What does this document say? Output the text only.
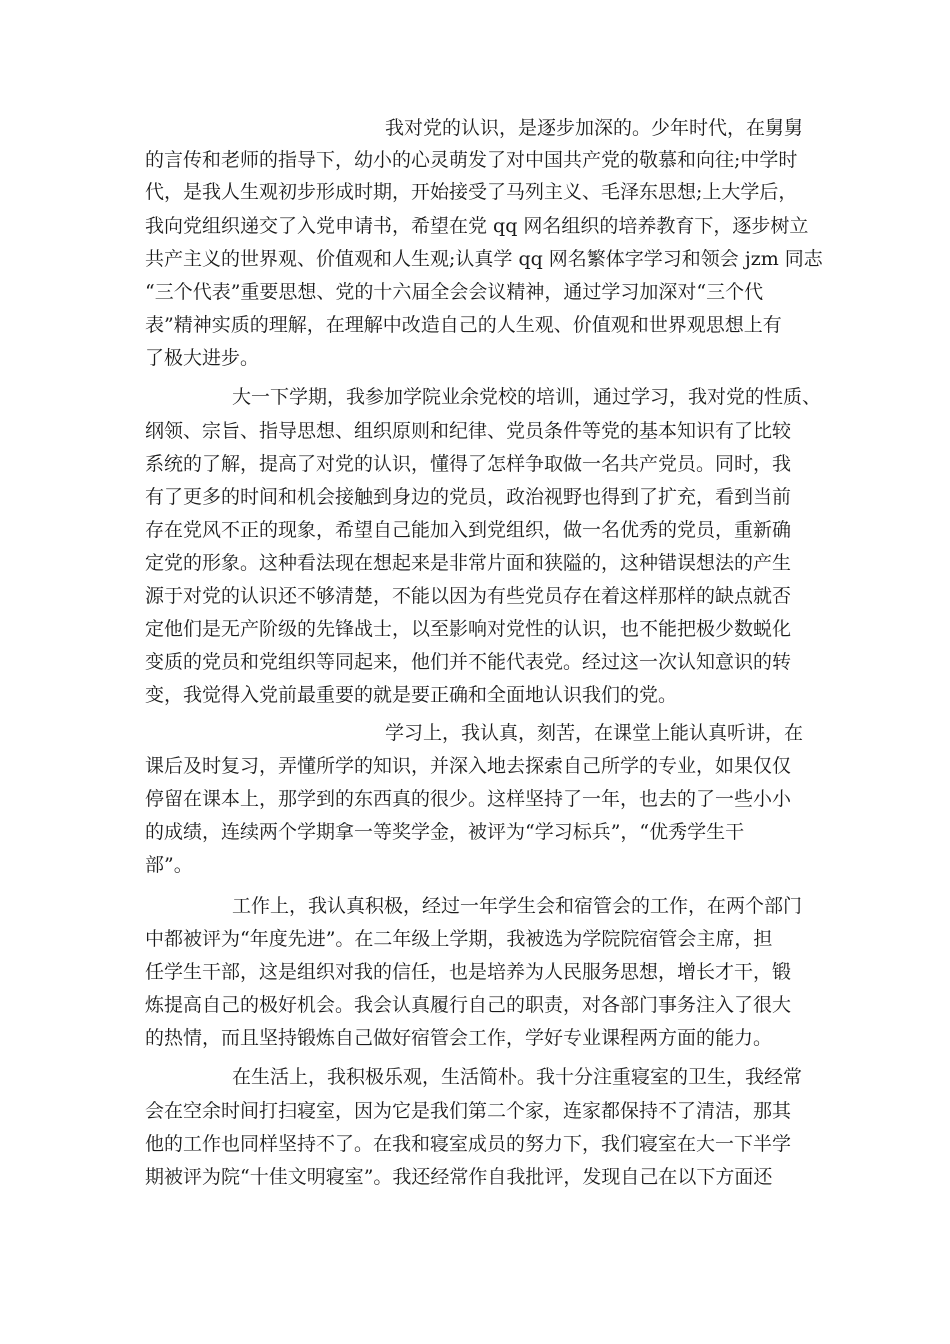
我对党的认识，是逐步加深的。少年时代，在舅舅
的言传和老师的指导下，幼小的心灵萌发了对中国共产党的敬慕和向往;中学时
代，是我人生观初步形成时期，开始接受了马列主义、毛泽东思想;上大学后，
我向党组织递交了入党申请书，希望在党 qq 网名组织的培养教育下，逐步树立
共产主义的世界观、价值观和人生观;认真学 qq 网名繁体字学习和领会 jzm 同志
“三个代表”重要思想、党的十六届全会会议精神，通过学习加深对“三个代
表”精神实质的理解，在理解中改造自己的人生观、价值观和世界观思想上有
了极大进步。
大一下学期，我参加学院业余党校的培训，通过学习，我对党的性质、
纲领、宗旨、指导思想、组织原则和纪律、党员条件等党的基本知识有了比较
系统的了解，提高了对党的认识，懂得了怎样争取做一名共产党员。同时，我
有了更多的时间和机会接触到身边的党员，政治视野也得到了扩充，看到当前
存在党风不正的现象，希望自己能加入到党组织，做一名优秀的党员，重新确
定党的形象。这种看法现在想起来是非常片面和狭隘的，这种错误想法的产生
源于对党的认识还不够清楚，不能以因为有些党员存在着这样那样的缺点就否
定他们是无产阶级的先锋战士，以至影响对党性的认识，也不能把极少数蜕化
变质的党员和党组织等同起来，他们并不能代表党。经过这一次认知意识的转
变，我觉得入党前最重要的就是要正确和全面地认识我们的党。
学习上，我认真，刻苦，在课堂上能认真听讲，在
课后及时复习，弄懂所学的知识，并深入地去探索自己所学的专业，如果仅仅
停留在课本上，那学到的东西真的很少。这样坚持了一年，也去的了一些小小
的成绩，连续两个学期拿一等奖学金，被评为“学习标兵”，“优秀学生干
部”。
工作上，我认真积极，经过一年学生会和宿管会的工作，在两个部门
中都被评为“年度先进”。在二年级上学期，我被选为学院院宿管会主席，担
任学生干部，这是组织对我的信任，也是培养为人民服务思想，增长才干，锻
炼提高自己的极好机会。我会认真履行自己的职责，对各部门事务注入了很大
的热情，而且坚持锻炼自己做好宿管会工作，学好专业课程两方面的能力。
在生活上，我积极乐观，生活简朴。我十分注重寝室的卫生，我经常
会在空余时间打扫寝室，因为它是我们第二个家，连家都保持不了清洁，那其
他的工作也同样坚持不了。在我和寝室成员的努力下，我们寝室在大一下半学
期被评为院“十佳文明寝室”。我还经常作自我批评，发现自己在以下方面还
